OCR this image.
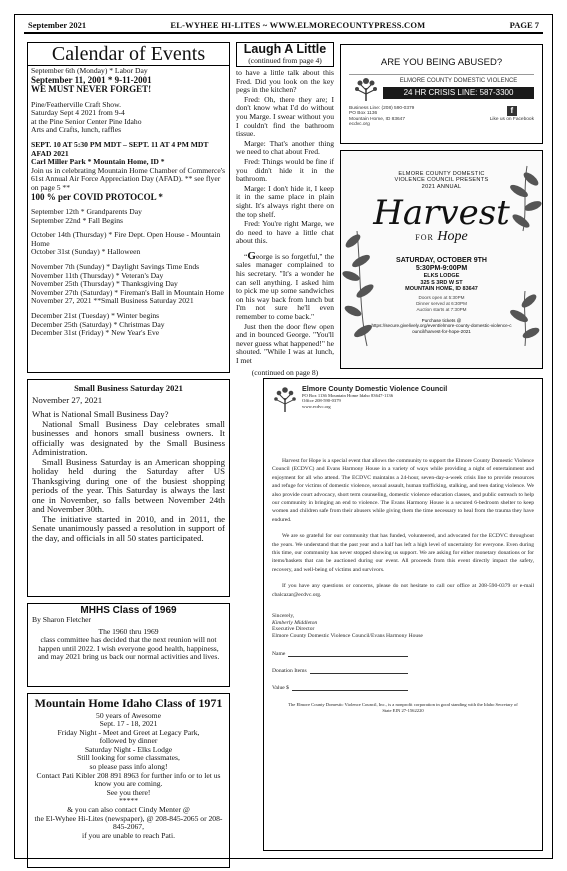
September 2021	EL-WYHEE HI-LITES ~ WWW.ELMORECOUNTYPRESS.COM	PAGE 7
Calendar of Events
September 6th (Monday) * Labor Day
September 11, 2001 * 9-11-2001
WE MUST NEVER FORGET!
Pine/Featherville Craft Show.
Saturday Sept 4 2021 from 9-4
at the Pine Senior Center Pine Idaho
Arts and Crafts, lunch, raffles
SEPT. 10 AT 5:30 PM MDT – SEPT. 11 AT 4 PM MDT AFAD 2021
Carl Miller Park * Mountain Home, ID *
Join us in celebrating Mountain Home Chamber of Commerce's 61st Annual Air Force Appreciation Day (AFAD). ** see flyer on page 5 **
100 % per COVID PROTOCOL *
September 12th * Grandparents Day
September 22nd * Fall Begins
October 14th (Thursday) * Fire Dept. Open House - Mountain Home
October 31st (Sunday) * Halloween
November 7th (Sunday) * Daylight Savings Time Ends
November 11th (Thursday) * Veteran's Day
November 25th (Thursday) * Thanksgiving Day
November 27th (Saturday) * Fireman's Ball in Mountain Home
November 27, 2021 **Small Business Saturday 2021
December 21st (Tuesday) * Winter begins
December 25th (Saturday) * Christmas Day
December 31st (Friday) * New Year's Eve
Small Business Saturday 2021

November 27, 2021

What is National Small Business Day?

National Small Business Day celebrates small businesses and honors small business owners. It officially was designated by the Small Business Administration.

Small Business Saturday is an American shopping holiday held during the Saturday after US Thanksgiving during one of the busiest shopping periods of the year. This Saturday is always the last one in November, so falls between November 24th and November 30th.

The initiative started in 2010, and in 2011, the Senate unanimously passed a resolution in support of the day, and officials in all 50 states participated.

MHHS Class of 1969
By Sharon Fletcher
The 1960 thru 1969
class committee has decided that the next reunion will not happen until 2022. I wish everyone good health, happiness, and may 2021 bring us back our normal activities and lives.
Mountain Home Idaho Class of 1971
50 years of Awesome
Sept. 17 - 18, 2021
Friday Night - Meet and Greet at Legacy Park,
followed by dinner
Saturday Night - Elks Lodge
Still looking for some classmates,
so please pass info along!
Contact Pati Kibler 208 891 8963 for further info or to let us know you are coming.
See you there!
*****
& you can also contact Cindy Menter @
the El-Wyhee Hi-Lites (newspaper), @ 208-845-2065 or 208-845-2067,
if you are unable to reach Pati.
Laugh A Little
(continued from page 4)

to have a little talk about this Fred. Did you look on the key pegs in the kitchen?

Fred: Oh, there they are; I don't know what I'd do without you Marge. I swear without you I couldn't find the bathroom tissue.

Marge: That's another thing we need to chat about Fred.

Fred: Things would be fine if you didn't hide it in the bathroom.

Marge: I don't hide it, I keep it in the same place in plain sight. It's always right there on the top shelf.

Fred: You're right Marge, we do need to have a little chat about this.

“George is so forgetful," the sales manager complained to his secretary. "It's a wonder he can sell anything. I asked him to pick me up some sandwiches on his way back from lunch but I'm not sure he'll even remember to come back."

Just then the door flew open and in bounced George. "You'll never guess what happened!" he shouted. "While I was at lunch, I met

(continued on page 8)

ARE YOU BEING ABUSED?
ELMORE COUNTY DOMESTIC VIOLENCE
24 HR CRISIS LINE: 587-3300
Business Line: (208) 590-0379
PO Box 1136
Mountain Home, ID 83647
ecdvc.org
f
Like us on Facebook
ELMORE COUNTY DOMESTIC
VIOLENCE COUNCIL PRESENTS
2021 ANNUAL
Harvest
FOR Hope
SATURDAY, OCTOBER 9TH
5:30PM-9:00PM
ELKS LODGE
325 S 3RD W ST
MOUNTAIN HOME, ID 83647
Doors open at 5:30PM
Dinner served at 6:30PM
Auction starts at 7:30PM
Purchase tickets @
https://secure.givelively.org/event/elmore-county-domestic-violence-council/harvest-for-hope-2021
Elmore County Domestic Violence Council
PO Box 1136 Mountain Home Idaho 83647-1136
Office 208-590-0379
www.ecdvc.org

Harvest for Hope is a special event that allows the community to support the Elmore County Domestic Violence Council (ECDVC) and Evans Harmony House in a variety of ways while providing a night of entertainment and enjoyment for all who attend. The ECDVC maintains a 24-hour, seven-day-a-week crisis line to provide resources and refuge for victims of domestic violence, sexual assault, human trafficking, stalking, and teen dating violence. We also provide court advocacy, short term counseling, domestic violence education classes, and public outreach to help our community in bringing an end to violence. The Evans Harmony House is a secured 6-bedroom shelter to keep women and children safe from their abusers while giving them the time necessary to heal from the trauma they have endured.

We are so grateful for our community that has funded, volunteered, and advocated for the ECDVC throughout the years. We understand that the past year and a half has left a high level of uncertainty for everyone. Even during this time, our community has never stopped showing us support. We are asking for either monetary donations or for items/baskets that can be auctioned during our event. All proceeds from this event directly impact the safety, recovery, and well-being of victims and survivors.

If you have any questions or concerns, please do not hesitate to call our office at 208-590-0379 or e-mail cbalcazar@ecdvc.org.

Sincerely,
Kimberly Middleton
Executive Director
Elmore County Domestic Violence Council/Evans Harmony House
Name
Donation Items
Value $
The Elmore County Domestic Violence Council, Inc., is a nonprofit corporation in good standing with the Idaho Secretary of State EIN 27-1562220
